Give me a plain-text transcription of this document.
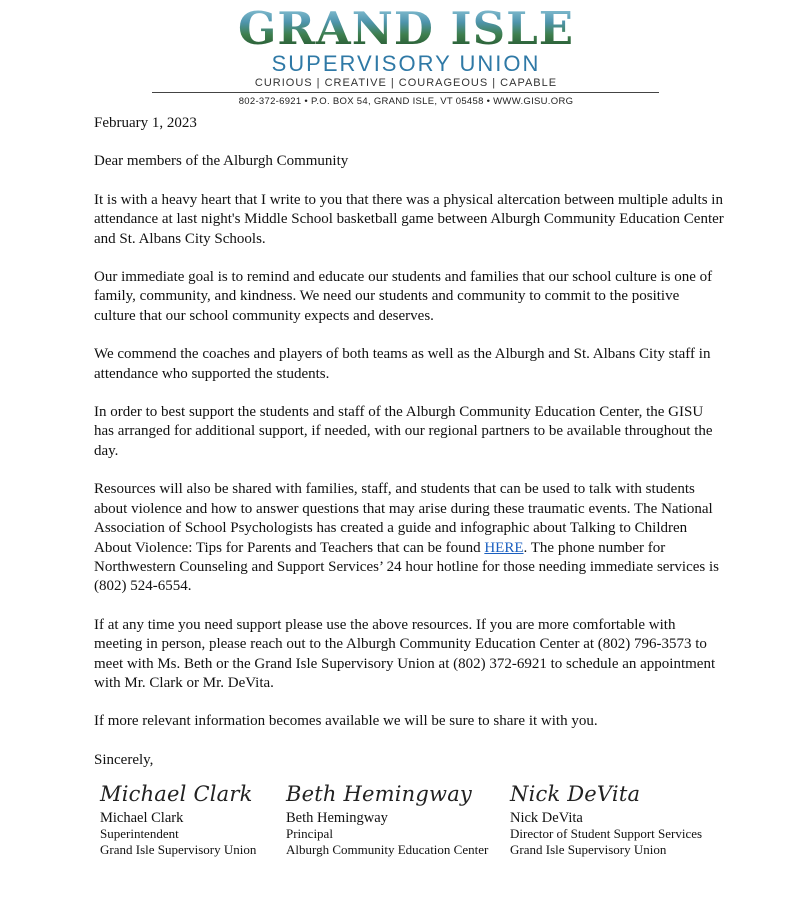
GRAND ISLE
SUPERVISORY UNION
CURIOUS | CREATIVE | COURAGEOUS | CAPABLE
802-372-6921 • P.O. BOX 54, GRAND ISLE, VT 05458 • WWW.GISU.ORG

February 1, 2023

Dear members of the Alburgh Community

It is with a heavy heart that I write to you that there was a physical altercation between multiple adults in attendance at last night's Middle School basketball game between Alburgh Community Education Center and St. Albans City Schools.

Our immediate goal is to remind and educate our students and families that our school culture is one of family, community, and kindness. We need our students and community to commit to the positive culture that our school community expects and deserves.

We commend the coaches and players of both teams as well as the Alburgh and St. Albans City staff in attendance who supported the students.

In order to best support the students and staff of the Alburgh Community Education Center, the GISU has arranged for additional support, if needed, with our regional partners to be available throughout the day.

Resources will also be shared with families, staff, and students that can be used to talk with students about violence and how to answer questions that may arise during these traumatic events. The National Association of School Psychologists has created a guide and infographic about Talking to Children About Violence: Tips for Parents and Teachers that can be found HERE. The phone number for Northwestern Counseling and Support Services’ 24 hour hotline for those needing immediate services is (802) 524-6554.

If at any time you need support please use the above resources. If you are more comfortable with meeting in person, please reach out to the Alburgh Community Education Center at (802) 796-3573 to meet with Ms. Beth or the Grand Isle Supervisory Union at (802) 372-6921 to schedule an appointment with Mr. Clark or Mr. DeVita.

If more relevant information becomes available we will be sure to share it with you.

Sincerely,

Michael Clark
Michael Clark
Superintendent
Grand Isle Supervisory Union
Beth Hemingway
Beth Hemingway
Principal
Alburgh Community Education Center
Nick DeVita
Nick DeVita
Director of Student Support Services
Grand Isle Supervisory Union
